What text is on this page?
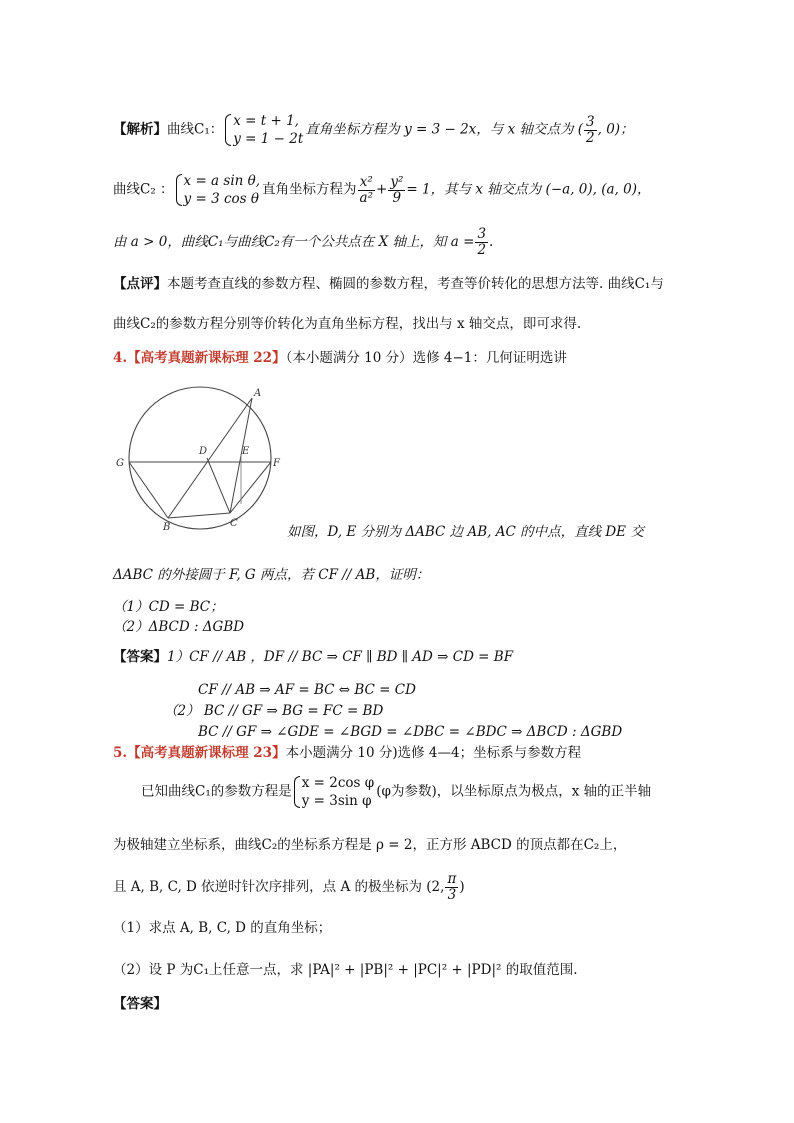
【解析】曲线C₁：
x = t + 1,
y = 1 − 2t
直角坐标方程为 y = 3 − 2x，与 x 轴交点为 ( $\frac{3}{2}$ , 0)；
曲线C₂ ：
x = a sin θ,
y = 3 cos θ
直角坐标方程为 $\frac{\text{x²}}{\text{a²}} + \frac{\text{y²}}{9} = 1$，其与 x 轴交点为 (−a, 0), (a, 0)，
由 a > 0，曲线C₁与曲线C₂有一个公共点在 X 轴上，知 $a = \frac{3}{2}$ .
【点评】本题考查直线的参数方程、椭圆的参数方程，考查等价转化的思想方法等. 曲线C₁与
曲线C₂的参数方程分别等价转化为直角坐标方程，找出与 x 轴交点，即可求得.
4.【高考真题新课标理 22】（本小题满分 10 分）选修 4−1：几何证明选讲
A
B	C
D	E
F
G
如图，D, E 分别为 ΔABC 边 AB, AC 的中点，直线 DE 交
ΔABC 的外接圆于 F, G 两点，若 CF // AB，证明：
（1）CD = BC；
（2）ΔBCD : ΔGBD
【答案】1）CF // AB ，DF // BC ⇒ CF ∥ BD ∥ AD ⇒ CD = BF
CF // AB ⇒ AF = BC ⇔ BC = CD
（2） BC // GF ⇒ BG = FC = BD
BC // GF ⇒ ∠GDE = ∠BGD = ∠DBC = ∠BDC ⇒ ΔBCD : ΔGBD
5.【高考真题新课标理 23】本小题满分 10 分)选修 4—4；坐标系与参数方程
已知曲线C₁的参数方程是
x = 2cos φ
y = 3sin φ
(φ为参数)，以坐标原点为极点，x 轴的正半轴
为极轴建立坐标系，曲线C₂的坐标系方程是 ρ = 2，正方形 ABCD 的顶点都在C₂上，
且 A, B, C, D 依逆时针次序排列，点 A 的极坐标为 (2, $\frac{\pi}{3}$ )
（1）求点 A, B, C, D 的直角坐标；
（2）设 P 为C₁上任意一点，求 |PA|² + |PB|² + |PC|² + |PD|² 的取值范围.
【答案】
